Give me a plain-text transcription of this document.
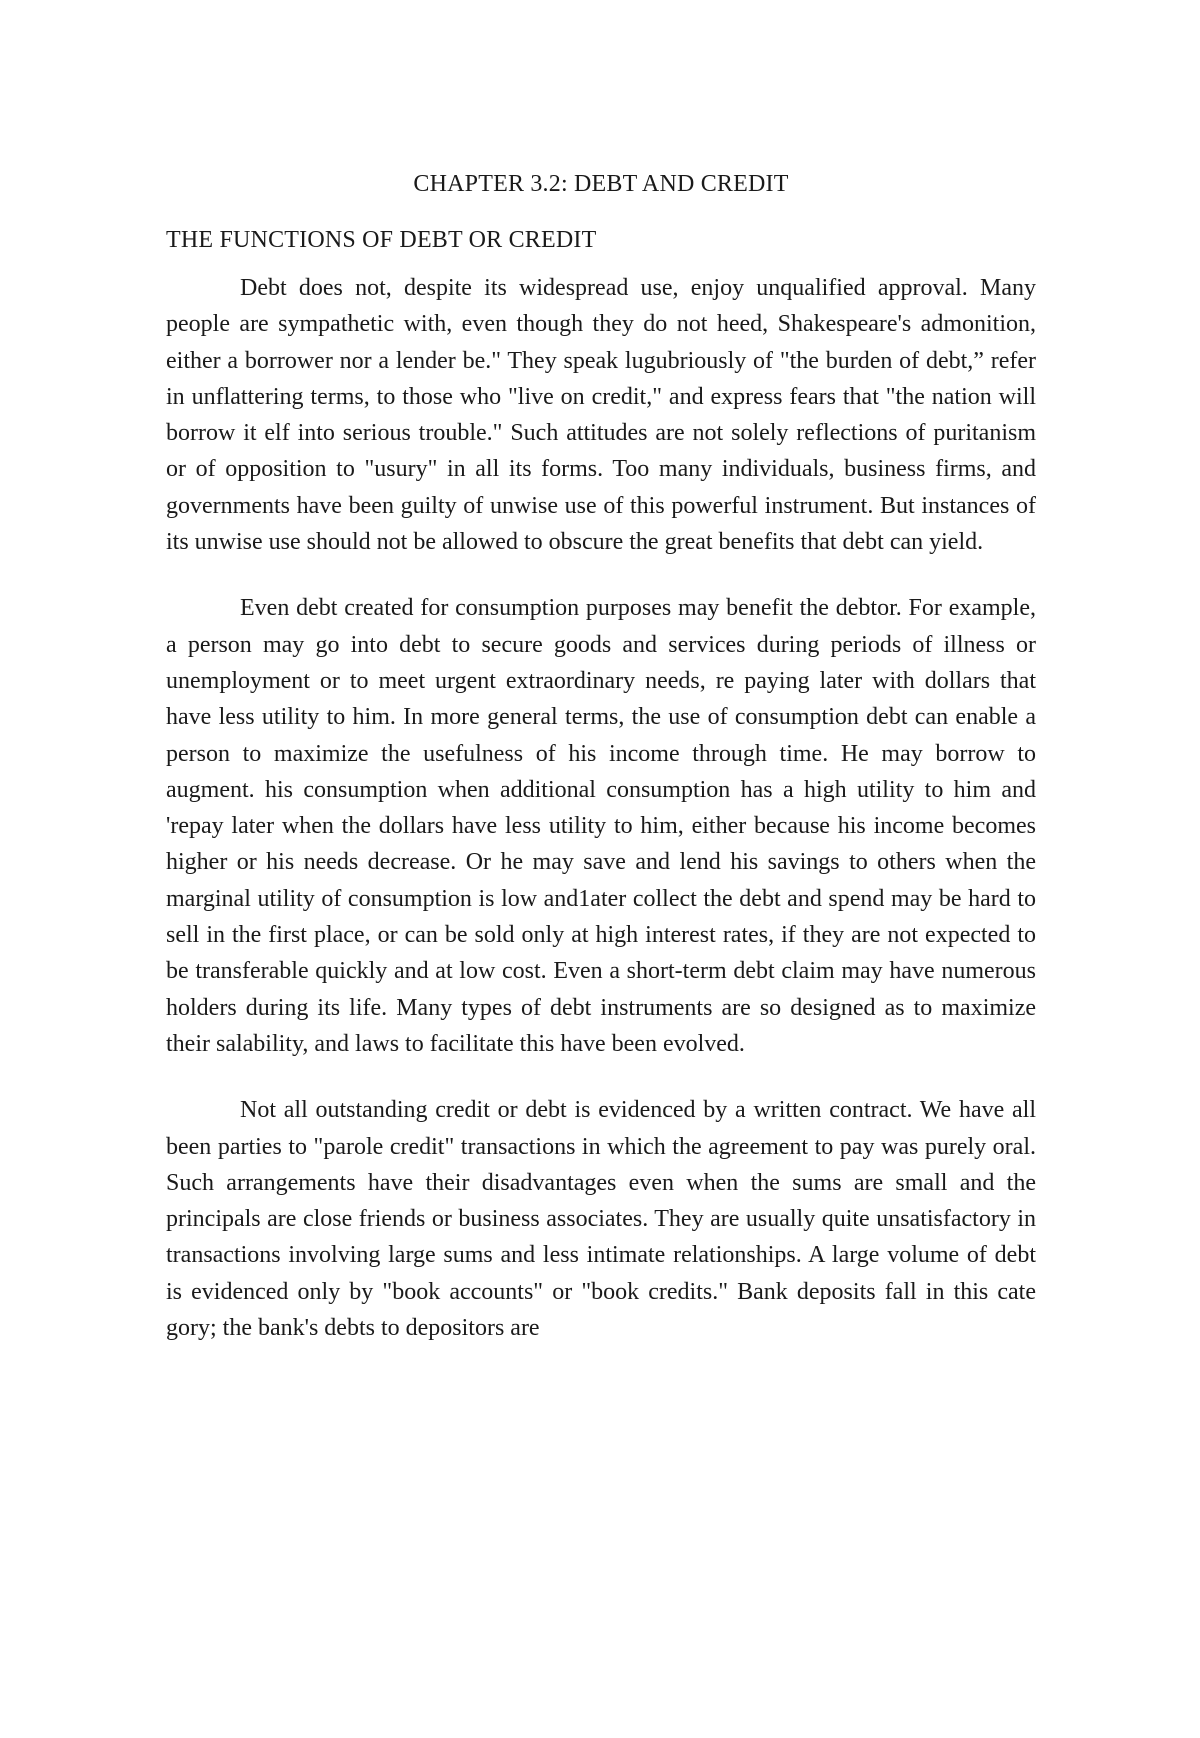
CHAPTER 3.2: DEBT AND CREDIT
THE FUNCTIONS OF DEBT OR CREDIT

Debt does not, despite its widespread use, enjoy unqualified approval. Many people are sympathetic with, even though they do not heed, Shakespeare's admonition, either a borrower nor a lender be." They speak lugubriously of "the burden of debt,” refer in unflattering terms, to those who "live on credit," and express fears that "the nation will borrow it elf into serious trouble." Such attitudes are not solely reflections of puritanism or of opposition to "usury" in all its forms. Too many individuals, business firms, and governments have been guilty of unwise use of this powerful instrument. But instances of its unwise use should not be allowed to obscure the great benefits that debt can yield.

Even debt created for consumption purposes may benefit the debtor. For example, a person may go into debt to secure goods and services during periods of illness or unemployment or to meet urgent extraordinary needs, re paying later with dollars that have less utility to him. In more general terms, the use of consumption debt can enable a person to maximize the usefulness of his income through time. He may borrow to augment. his consumption when additional consumption has a high utility to him and 'repay later when the dollars have less utility to him, either because his income becomes higher or his needs decrease. Or he may save and lend his savings to others when the marginal utility of consumption is low and1ater collect the debt and spend may be hard to sell in the first place, or can be sold only at high interest rates, if they are not expected to be transferable quickly and at low cost. Even a short-term debt claim may have numerous holders during its life. Many types of debt instruments are so designed as to maximize their salability, and laws to facilitate this have been evolved.

Not all outstanding credit or debt is evidenced by a written contract. We have all been parties to "parole credit" transactions in which the agreement to pay was purely oral. Such arrangements have their disadvantages even when the sums are small and the principals are close friends or business associates. They are usually quite unsatisfactory in transactions involving large sums and less intimate relationships. A large volume of debt is evidenced only by "book accounts" or "book credits." Bank deposits fall in this cate gory; the bank's debts to depositors are
